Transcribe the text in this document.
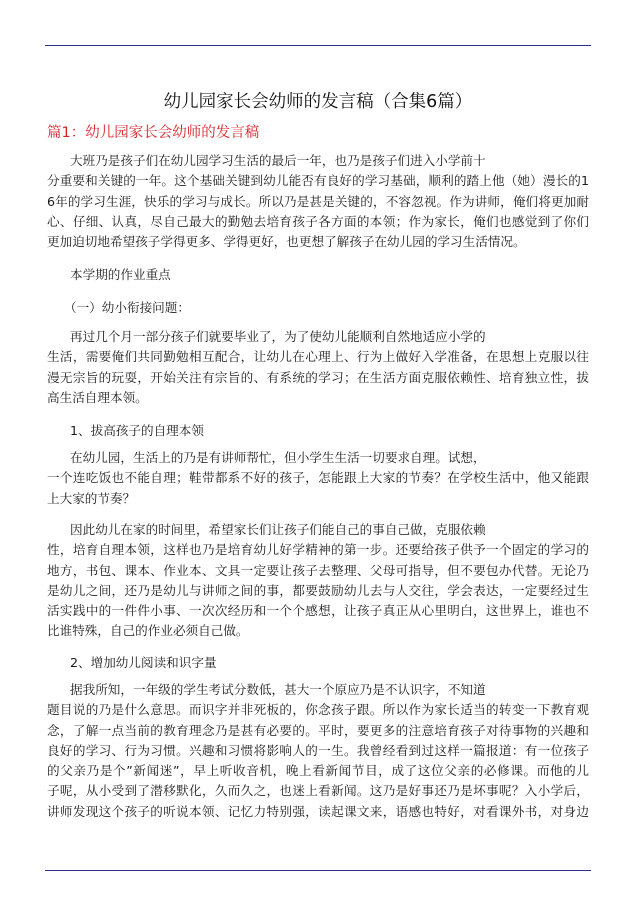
幼儿园家长会幼师的发言稿（合集6篇）
篇1：幼儿园家长会幼师的发言稿
大班乃是孩子们在幼儿园学习生活的最后一年，也乃是孩子们进入小学前十
分重要和关键的一年。这个基础关键到幼儿能否有良好的学习基础，顺利的踏上他（她）漫长的1
6年的学习生涯，快乐的学习与成长。所以乃是甚是关键的，不容忽视。作为讲师，俺们将更加耐
心、仔细、认真，尽自己最大的勤勉去培育孩子各方面的本领；作为家长，俺们也感觉到了你们
更加迫切地希望孩子学得更多、学得更好，也更想了解孩子在幼儿园的学习生活情况。
本学期的作业重点
（一）幼小衔接问题：
再过几个月一部分孩子们就要毕业了，为了使幼儿能顺利自然地适应小学的
生活，需要俺们共同勤勉相互配合，让幼儿在心理上、行为上做好入学准备，在思想上克服以往
漫无宗旨的玩耍，开始关注有宗旨的、有系统的学习；在生活方面克服依赖性、培育独立性，拔
高生活自理本领。
1、拔高孩子的自理本领
在幼儿园，生活上的乃是有讲师帮忙，但小学生生活一切要求自理。试想，
一个连吃饭也不能自理；鞋带都系不好的孩子，怎能跟上大家的节奏？在学校生活中，他又能跟
上大家的节奏？
因此幼儿在家的时间里，希望家长们让孩子们能自己的事自己做，克服依赖
性，培育自理本领，这样也乃是培育幼儿好学精神的第一步。还要给孩子供予一个固定的学习的
地方，书包、课本、作业本、文具一定要让孩子去整理、父母可指导，但不要包办代替。无论乃
是幼儿之间，还乃是幼儿与讲师之间的事，都要鼓励幼儿去与人交往，学会表达，一定要经过生
活实践中的一件件小事、一次次经历和一个个感想，让孩子真正从心里明白，这世界上，谁也不
比谁特殊，自己的作业必须自己做。
2、增加幼儿阅读和识字量
据我所知，一年级的学生考试分数低，甚大一个原应乃是不认识字，不知道
题目说的乃是什么意思。而识字并非死板的，你念孩子跟。所以作为家长适当的转变一下教育观
念，了解一点当前的教育理念乃是甚有必要的。平时，要更多的注意培育孩子对待事物的兴趣和
良好的学习、行为习惯。兴趣和习惯将影响人的一生。我曾经看到过这样一篇报道：有一位孩子
的父亲乃是个”新闻迷”，早上听收音机，晚上看新闻节目，成了这位父亲的必修课。而他的儿
子呢，从小受到了潜移默化，久而久之，也迷上看新闻。这乃是好事还乃是坏事呢？入小学后，
讲师发现这个孩子的听说本领、记忆力特别强，读起课文来，语感也特好，对看课外书，对身边
